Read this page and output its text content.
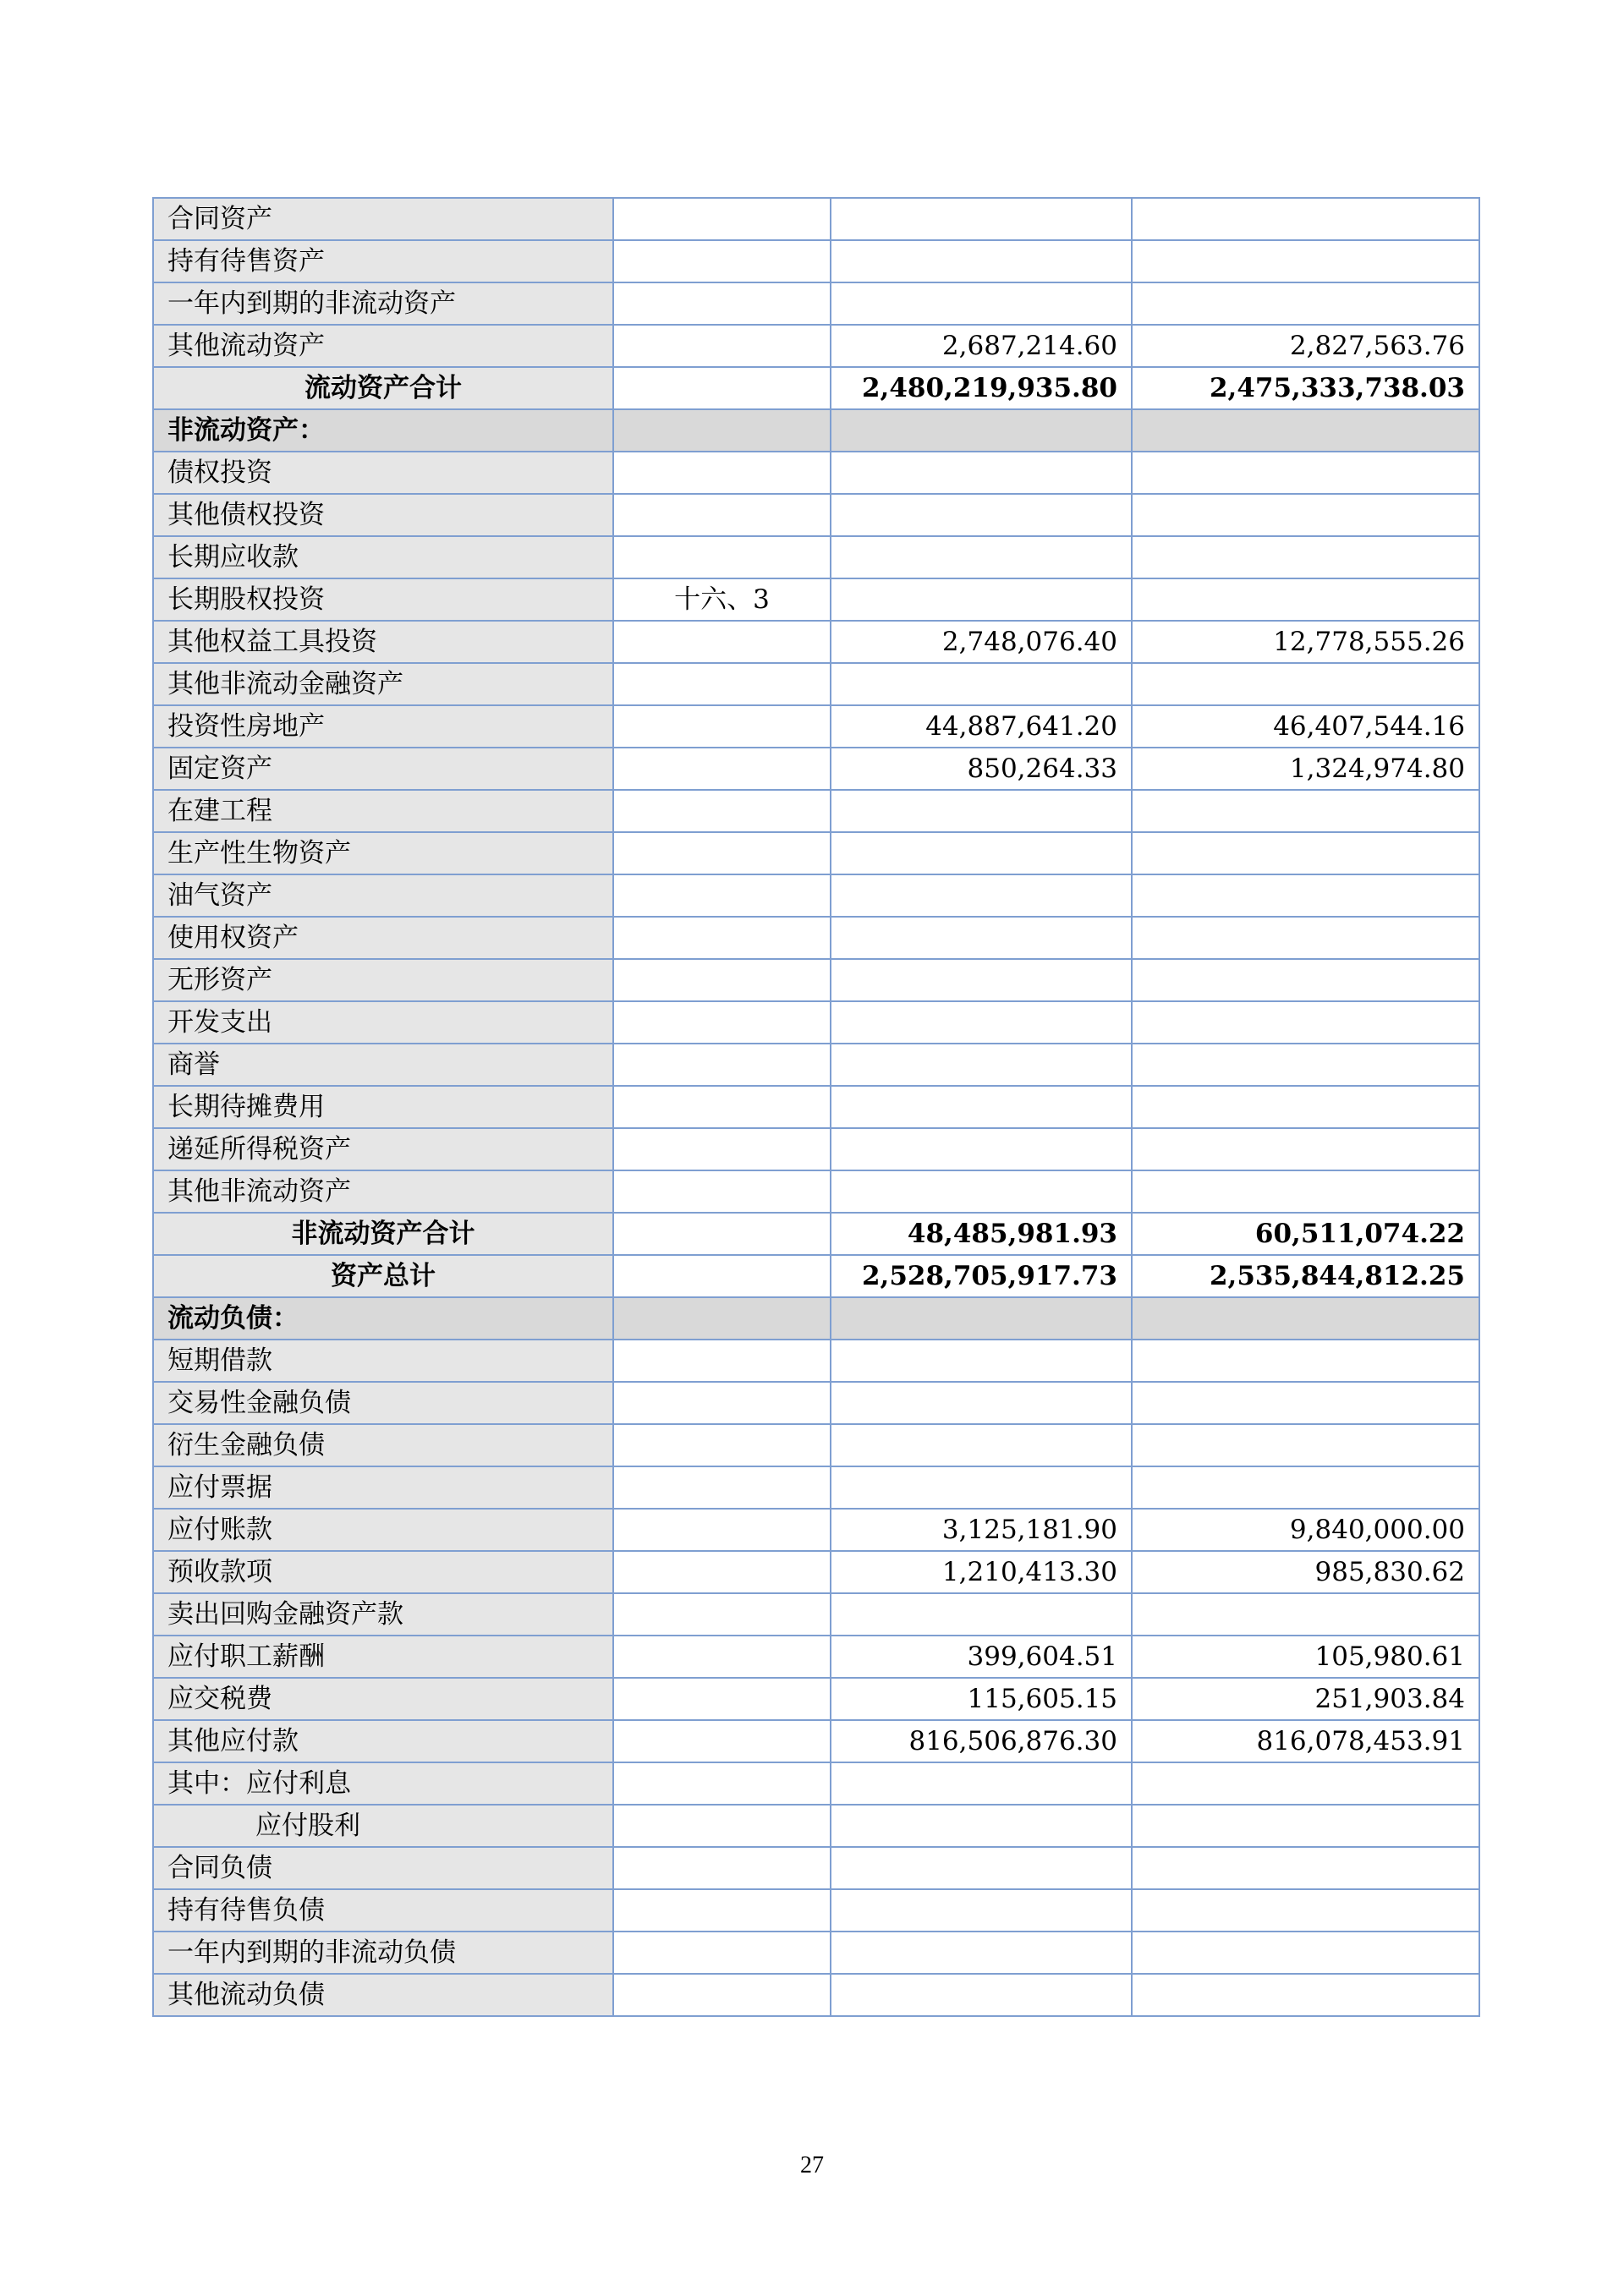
合同资产			
持有待售资产			
一年内到期的非流动资产			
其他流动资产		2,687,214.60	2,827,563.76
流动资产合计		2,480,219,935.80	2,475,333,738.03
非流动资产：			
债权投资			
其他债权投资			
长期应收款			
长期股权投资	十六、3		
其他权益工具投资		2,748,076.40	12,778,555.26
其他非流动金融资产			
投资性房地产		44,887,641.20	46,407,544.16
固定资产		850,264.33	1,324,974.80
在建工程			
生产性生物资产			
油气资产			
使用权资产			
无形资产			
开发支出			
商誉			
长期待摊费用			
递延所得税资产			
其他非流动资产			
非流动资产合计		48,485,981.93	60,511,074.22
资产总计		2,528,705,917.73	2,535,844,812.25
流动负债：			
短期借款			
交易性金融负债			
衍生金融负债			
应付票据			
应付账款		3,125,181.90	9,840,000.00
预收款项		1,210,413.30	985,830.62
卖出回购金融资产款			
应付职工薪酬		399,604.51	105,980.61
应交税费		115,605.15	251,903.84
其他应付款		816,506,876.30	816,078,453.91
其中：应付利息			
应付股利			
合同负债			
持有待售负债			
一年内到期的非流动负债			
其他流动负债			
27
